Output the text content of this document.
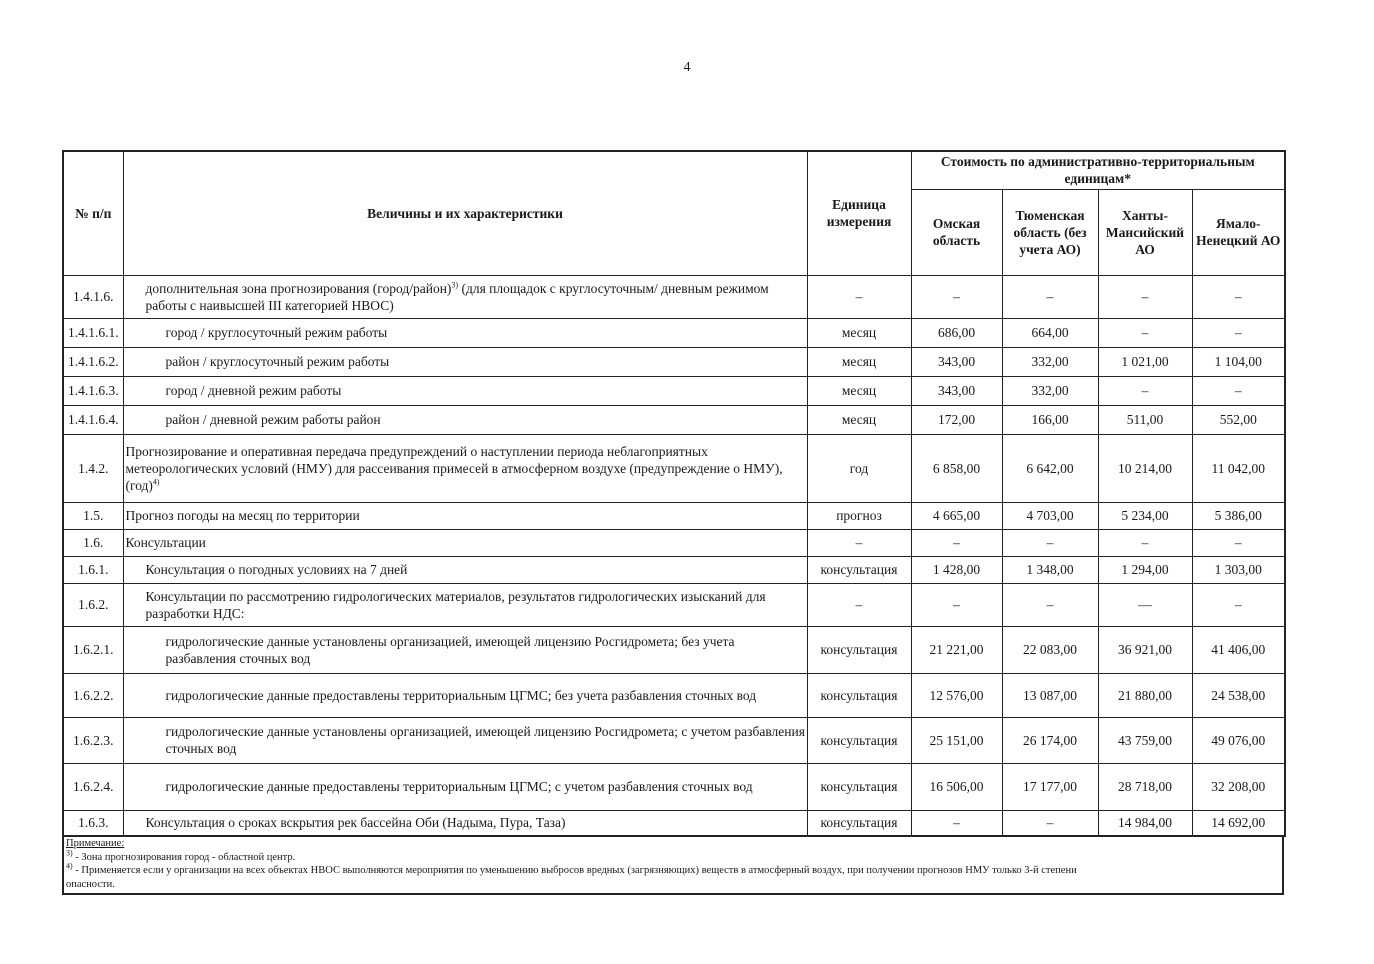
4
№ п/п	Величины и их характеристики	Единица измерения	Стоимость по административно-территориальным единицам*			
			Омская область	Тюменская область (без учета АО)	Ханты-Мансийский АО	Ямало-Ненецкий АО
1.4.1.6.	дополнительная зона прогнозирования (город/район)$^{3)}$ (для площадок с круглосуточным/ дневным режимом работы с наивысшей III категорией НВОС)	–	–	–	–	–
1.4.1.6.1.	город / круглосуточный режим работы	месяц	686,00	664,00	–	–
1.4.1.6.2.	район / круглосуточный режим работы	месяц	343,00	332,00	1 021,00	1 104,00
1.4.1.6.3.	город / дневной режим работы	месяц	343,00	332,00	–	–
1.4.1.6.4.	район / дневной режим работы район	месяц	172,00	166,00	511,00	552,00
1.4.2.	Прогнозирование и оперативная передача предупреждений о наступлении периода неблагоприятных метеорологических условий (НМУ) для рассеивания примесей в атмосферном воздухе (предупреждение о НМУ), (год)$^{4)}$	год	6 858,00	6 642,00	10 214,00	11 042,00
1.5.	Прогноз погоды на месяц по территории	прогноз	4 665,00	4 703,00	5 234,00	5 386,00
1.6.	Консультации	–	–	–	–	–
1.6.1.	Консультация о погодных условиях на 7 дней	консультация	1 428,00	1 348,00	1 294,00	1 303,00
1.6.2.	Консультации по рассмотрению гидрологических материалов, результатов гидрологических изысканий для разработки НДС:	–	–	–	—	–
1.6.2.1.	гидрологические данные установлены организацией, имеющей лицензию Росгидромета; без учета разбавления сточных вод	консультация	21 221,00	22 083,00	36 921,00	41 406,00
1.6.2.2.	гидрологические данные предоставлены территориальным ЦГМС; без учета разбавления сточных вод	консультация	12 576,00	13 087,00	21 880,00	24 538,00
1.6.2.3.	гидрологические данные установлены организацией, имеющей лицензию Росгидромета; с учетом разбавления сточных вод	консультация	25 151,00	26 174,00	43 759,00	49 076,00
1.6.2.4.	гидрологические данные предоставлены территориальным ЦГМС; с учетом разбавления сточных вод	консультация	16 506,00	17 177,00	28 718,00	32 208,00
1.6.3.	Консультация о сроках вскрытия рек бассейна Оби (Надыма, Пура, Таза)	консультация	–	–	14 984,00	14 692,00
Примечание:
$^{3)}$ - Зона прогнозирования город - областной центр.
$^{4)}$ - Применяется если у организации на всех объектах НВОС выполняются мероприятия по уменьшению выбросов вредных (загрязняющих) веществ в атмосферный воздух, при получении прогнозов НМУ только 3-й степени
опасности.
